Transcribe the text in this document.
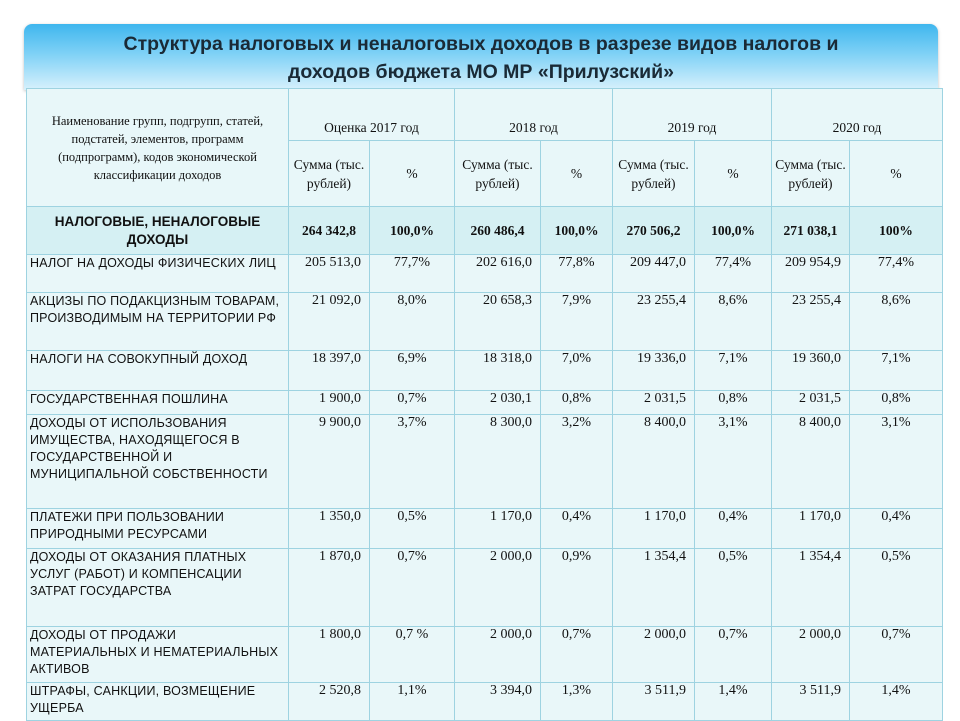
Структура налоговых и неналоговых доходов в разрезе видов налогов и
доходов бюджета МО МР «Прилузский»
Наименование групп, подгрупп, статей, подстатей, элементов, программ (подпрограмм), кодов экономической классификации доходов	Оценка 2017 год		2018 год		2019 год		2020 год	
	Сумма (тыс. рублей)	%	Сумма (тыс. рублей)	%	Сумма (тыс. рублей)	%	Сумма (тыс. рублей)	%
НАЛОГОВЫЕ, НЕНАЛОГОВЫЕ ДОХОДЫ	264 342,8	100,0%	260 486,4	100,0%	270 506,2	100,0%	271 038,1	100%
НАЛОГ НА ДОХОДЫ ФИЗИЧЕСКИХ ЛИЦ	205 513,0	77,7%	202 616,0	77,8%	209 447,0	77,4%	209 954,9	77,4%
АКЦИЗЫ ПО ПОДАКЦИЗНЫМ ТОВАРАМ, ПРОИЗВОДИМЫМ НА ТЕРРИТОРИИ РФ	21 092,0	8,0%	20 658,3	7,9%	23 255,4	8,6%	23 255,4	8,6%
НАЛОГИ НА СОВОКУПНЫЙ ДОХОД	18 397,0	6,9%	18 318,0	7,0%	19 336,0	7,1%	19 360,0	7,1%
ГОСУДАРСТВЕННАЯ ПОШЛИНА	1 900,0	0,7%	2 030,1	0,8%	2 031,5	0,8%	2 031,5	0,8%
ДОХОДЫ ОТ ИСПОЛЬЗОВАНИЯ ИМУЩЕСТВА, НАХОДЯЩЕГОСЯ В ГОСУДАРСТВЕННОЙ И МУНИЦИПАЛЬНОЙ СОБСТВЕННОСТИ	9 900,0	3,7%	8 300,0	3,2%	8 400,0	3,1%	8 400,0	3,1%
ПЛАТЕЖИ ПРИ ПОЛЬЗОВАНИИ ПРИРОДНЫМИ РЕСУРСАМИ	1 350,0	0,5%	1 170,0	0,4%	1 170,0	0,4%	1 170,0	0,4%
ДОХОДЫ ОТ ОКАЗАНИЯ ПЛАТНЫХ УСЛУГ (РАБОТ) И КОМПЕНСАЦИИ ЗАТРАТ ГОСУДАРСТВА	1 870,0	0,7%	2 000,0	0,9%	1 354,4	0,5%	1 354,4	0,5%
ДОХОДЫ ОТ ПРОДАЖИ МАТЕРИАЛЬНЫХ И НЕМАТЕРИАЛЬНЫХ АКТИВОВ	1 800,0	0,7 %	2 000,0	0,7%	2 000,0	0,7%	2 000,0	0,7%
ШТРАФЫ, САНКЦИИ, ВОЗМЕЩЕНИЕ УЩЕРБА	2 520,8	1,1%	3 394,0	1,3%	3 511,9	1,4%	3 511,9	1,4%
